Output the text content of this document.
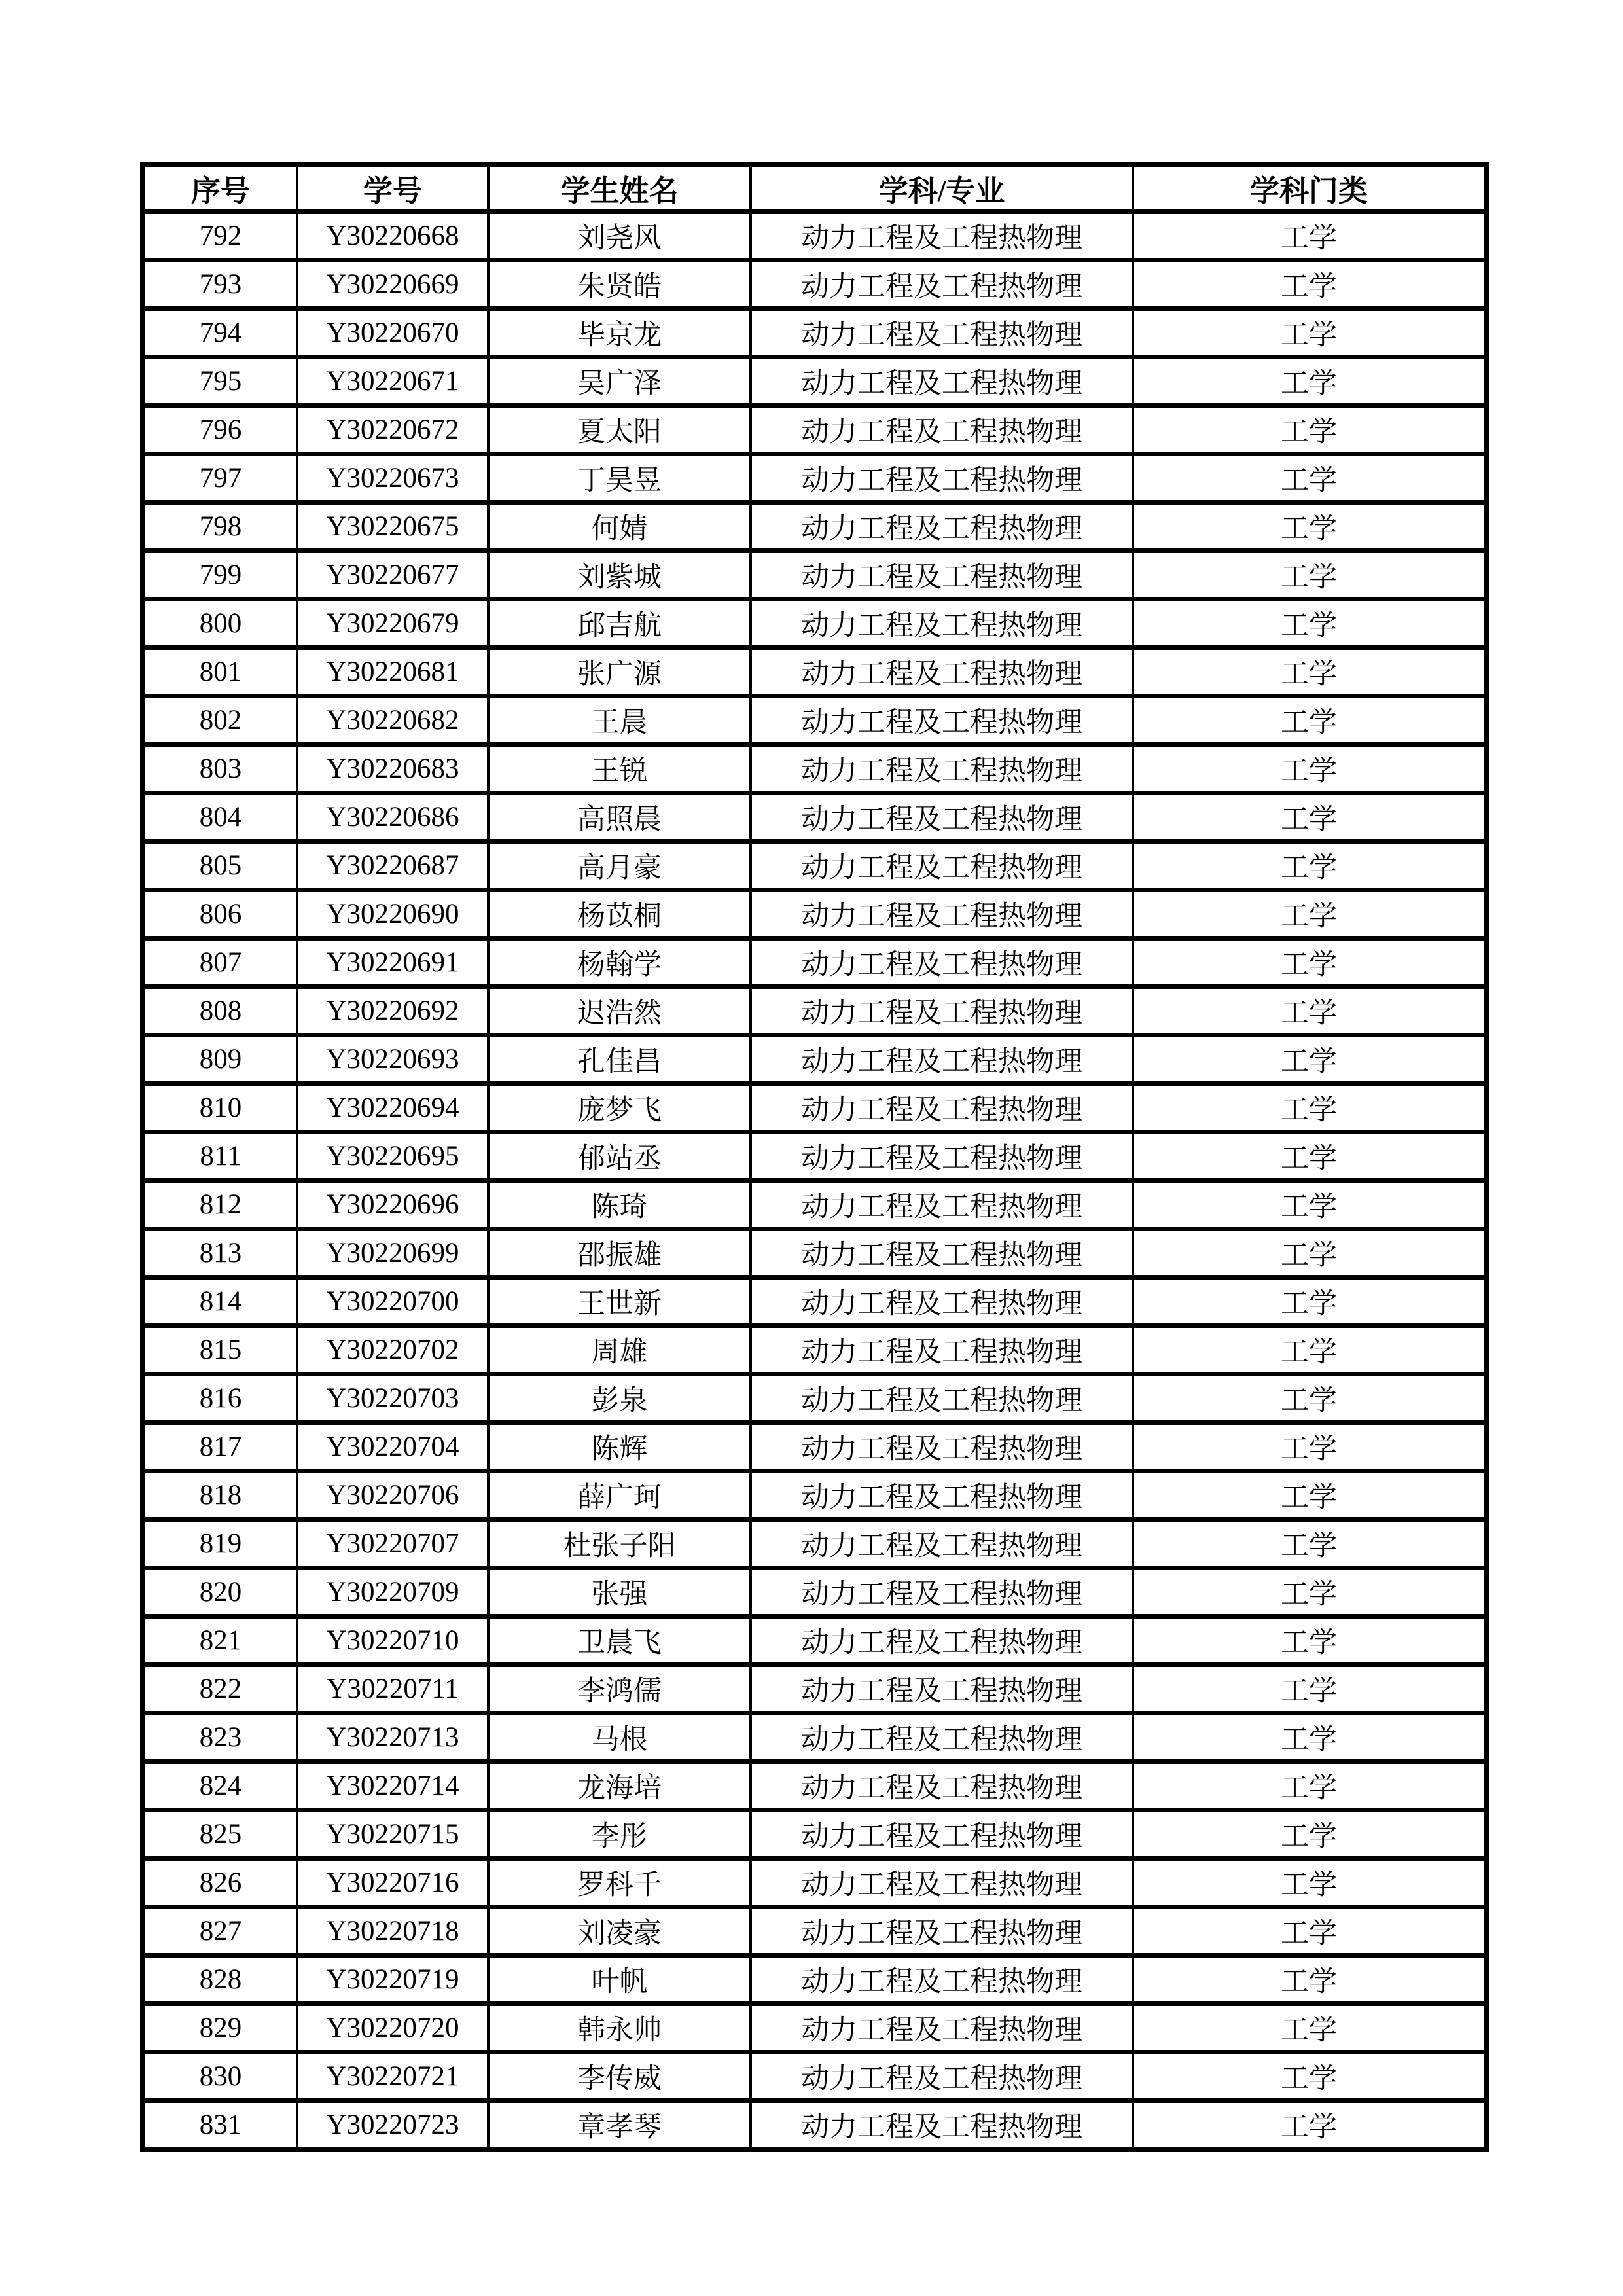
序号	学号	学生姓名	学科/专业	学科门类
792	Y30220668	刘尧风	动力工程及工程热物理	工学
793	Y30220669	朱贤皓	动力工程及工程热物理	工学
794	Y30220670	毕京龙	动力工程及工程热物理	工学
795	Y30220671	吴广泽	动力工程及工程热物理	工学
796	Y30220672	夏太阳	动力工程及工程热物理	工学
797	Y30220673	丁昊昱	动力工程及工程热物理	工学
798	Y30220675	何婧	动力工程及工程热物理	工学
799	Y30220677	刘紫城	动力工程及工程热物理	工学
800	Y30220679	邱吉航	动力工程及工程热物理	工学
801	Y30220681	张广源	动力工程及工程热物理	工学
802	Y30220682	王晨	动力工程及工程热物理	工学
803	Y30220683	王锐	动力工程及工程热物理	工学
804	Y30220686	高照晨	动力工程及工程热物理	工学
805	Y30220687	高月豪	动力工程及工程热物理	工学
806	Y30220690	杨苡桐	动力工程及工程热物理	工学
807	Y30220691	杨翰学	动力工程及工程热物理	工学
808	Y30220692	迟浩然	动力工程及工程热物理	工学
809	Y30220693	孔佳昌	动力工程及工程热物理	工学
810	Y30220694	庞梦飞	动力工程及工程热物理	工学
811	Y30220695	郁站丞	动力工程及工程热物理	工学
812	Y30220696	陈琦	动力工程及工程热物理	工学
813	Y30220699	邵振雄	动力工程及工程热物理	工学
814	Y30220700	王世新	动力工程及工程热物理	工学
815	Y30220702	周雄	动力工程及工程热物理	工学
816	Y30220703	彭泉	动力工程及工程热物理	工学
817	Y30220704	陈辉	动力工程及工程热物理	工学
818	Y30220706	薛广珂	动力工程及工程热物理	工学
819	Y30220707	杜张子阳	动力工程及工程热物理	工学
820	Y30220709	张强	动力工程及工程热物理	工学
821	Y30220710	卫晨飞	动力工程及工程热物理	工学
822	Y30220711	李鸿儒	动力工程及工程热物理	工学
823	Y30220713	马根	动力工程及工程热物理	工学
824	Y30220714	龙海培	动力工程及工程热物理	工学
825	Y30220715	李彤	动力工程及工程热物理	工学
826	Y30220716	罗科千	动力工程及工程热物理	工学
827	Y30220718	刘凌豪	动力工程及工程热物理	工学
828	Y30220719	叶帆	动力工程及工程热物理	工学
829	Y30220720	韩永帅	动力工程及工程热物理	工学
830	Y30220721	李传威	动力工程及工程热物理	工学
831	Y30220723	章孝琴	动力工程及工程热物理	工学
